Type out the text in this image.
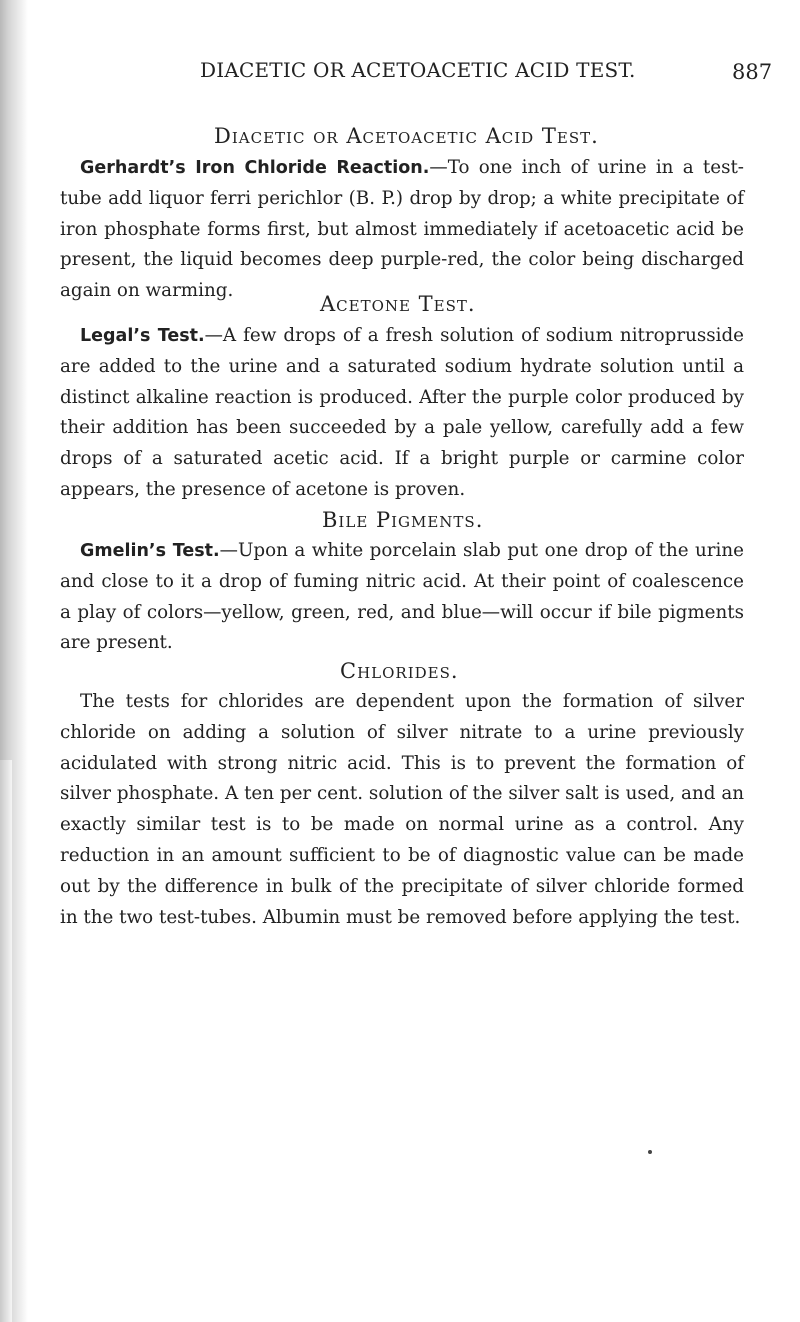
DIACETIC OR ACETOACETIC ACID TEST.	887
Diacetic or Acetoacetic Acid Test.

Gerhardt’s Iron Chloride Reaction.—To one inch of urine in a test-tube add liquor ferri perichlor (B. P.) drop by drop; a white precipitate of iron phosphate forms first, but almost immediately if acetoacetic acid be present, the liquid becomes deep purple-red, the color being discharged again on warming.

Acetone Test.

Legal’s Test.—A few drops of a fresh solution of sodium nitroprusside are added to the urine and a saturated sodium hydrate solution until a distinct alkaline reaction is produced. After the purple color produced by their addition has been succeeded by a pale yellow, carefully add a few drops of a saturated acetic acid. If a bright purple or carmine color appears, the presence of acetone is proven.

Bile Pigments.

Gmelin’s Test.—Upon a white porcelain slab put one drop of the urine and close to it a drop of fuming nitric acid. At their point of coalescence a play of colors—yellow, green, red, and blue—will occur if bile pigments are present.

Chlorides.

The tests for chlorides are dependent upon the formation of silver chloride on adding a solution of silver nitrate to a urine previously acidulated with strong nitric acid. This is to prevent the formation of silver phosphate. A ten per cent. solution of the silver salt is used, and an exactly similar test is to be made on normal urine as a control. Any reduction in an amount sufficient to be of diagnostic value can be made out by the difference in bulk of the precipitate of silver chloride formed in the two test-tubes. Albumin must be removed before applying the test.
